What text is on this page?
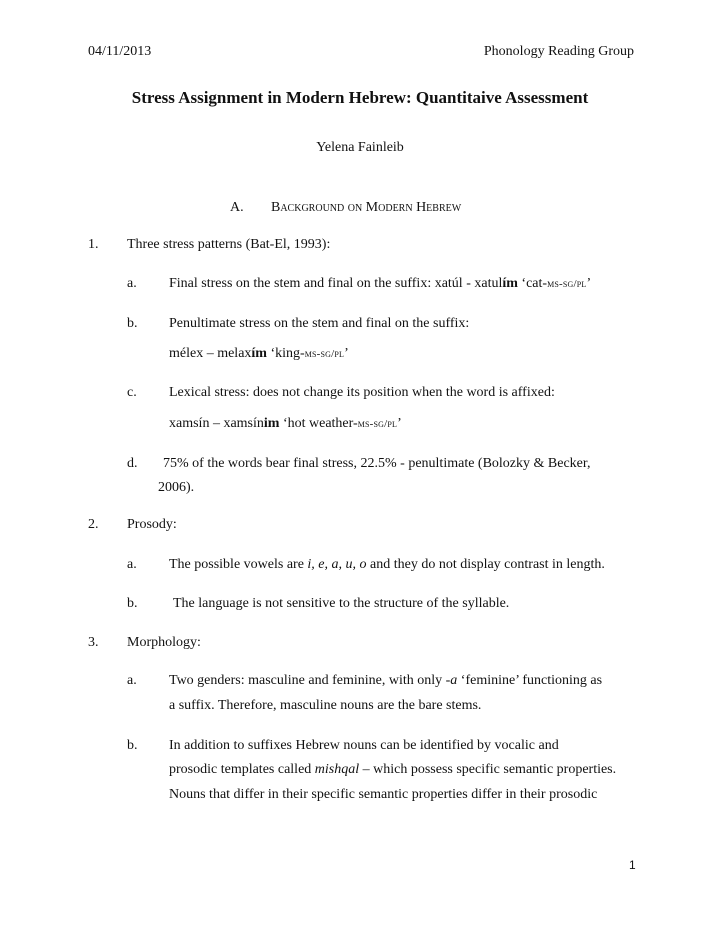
04/11/2013	Phonology Reading Group
Stress Assignment in Modern Hebrew: Quantitaive Assessment
Yelena Fainleib
A. Background on Modern Hebrew
1. Three stress patterns (Bat-El, 1993):
a. Final stress on the stem and final on the suffix: xatúl - xatulím ‘cat-ms-sg/pl’
b. Penultimate stress on the stem and final on the suffix:
mélex – melaxím ‘king-ms-sg/pl’
c. Lexical stress: does not change its position when the word is affixed:
xamsín – xamsínim ‘hot weather-ms-sg/pl’
d. 75% of the words bear final stress, 22.5% - penultimate (Bolozky & Becker,
2006).
2. Prosody:
a. The possible vowels are i, e, a, u, o and they do not display contrast in length.
b.	The language is not sensitive to the structure of the syllable.
3. Morphology:
a. Two genders: masculine and feminine, with only -a ‘feminine’ functioning as
a suffix. Therefore, masculine nouns are the bare stems.
b. In addition to suffixes Hebrew nouns can be identified by vocalic and
prosodic templates called mishqal – which possess specific semantic properties.
Nouns that differ in their specific semantic properties differ in their prosodic
1
